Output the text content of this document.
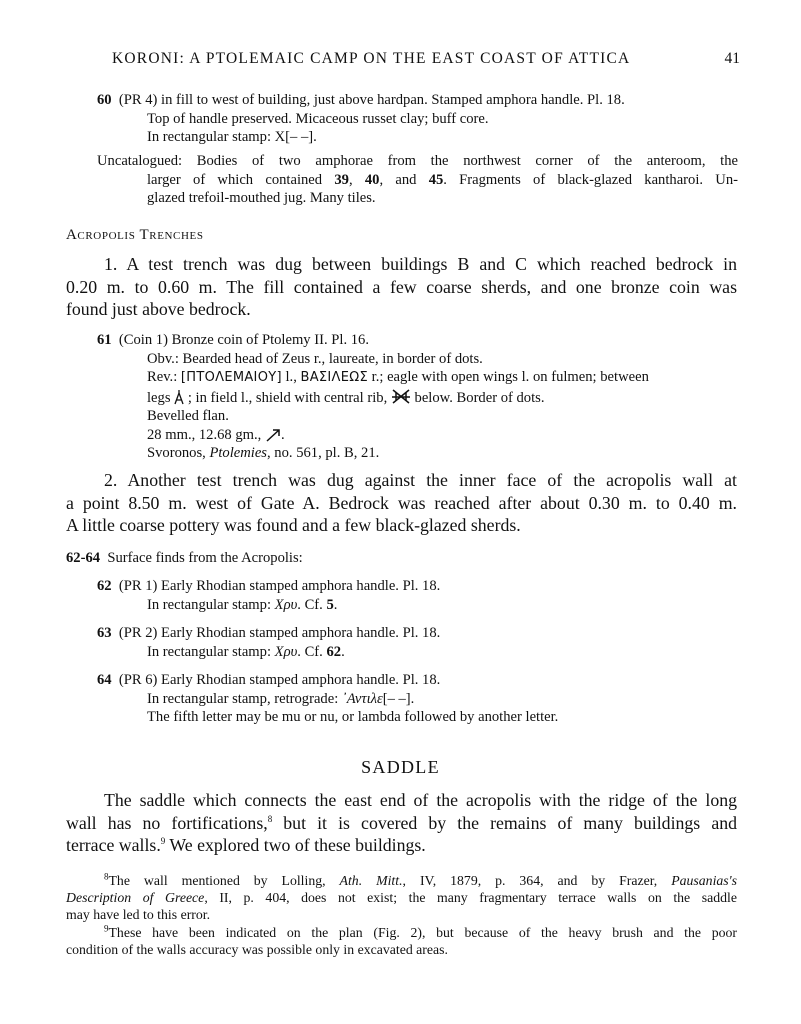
KORONI: A PTOLEMAIC CAMP ON THE EAST COAST OF ATTICA	41
60 (PR 4) in fill to west of building, just above hardpan. Stamped amphora handle. Pl. 18.
Top of handle preserved. Micaceous russet clay; buff core.
In rectangular stamp: X[– –].
Uncatalogued: Bodies of two amphorae from the northwest corner of the anteroom, the
larger of which contained 39, 40, and 45. Fragments of black-glazed kantharoi. Un-
glazed trefoil-mouthed jug. Many tiles.
Acropolis Trenches
1. A test trench was dug between buildings B and C which reached bedrock in
0.20 m. to 0.60 m. The fill contained a few coarse sherds, and one bronze coin was
found just above bedrock.
61 (Coin 1) Bronze coin of Ptolemy II. Pl. 16.
Obv.: Bearded head of Zeus r., laureate, in border of dots.
Rev.: [ΠΤΟΛΕΜΑΙΟΥ] l., ΒΑΣΙΛΕΩΣ r.; eagle with open wings l. on fulmen; between
legs  ; in field l., shield with central rib,  below. Border of dots.
Bevelled flan.
28 mm., 12.68 gm., .
Svoronos, Ptolemies, no. 561, pl. B, 21.
2. Another test trench was dug against the inner face of the acropolis wall at
a point 8.50 m. west of Gate A. Bedrock was reached after about 0.30 m. to 0.40 m.
A little coarse pottery was found and a few black-glazed sherds.
62-64 Surface finds from the Acropolis:
62 (PR 1) Early Rhodian stamped amphora handle. Pl. 18.
In rectangular stamp: Χρυ. Cf. 5.
63 (PR 2) Early Rhodian stamped amphora handle. Pl. 18.
In rectangular stamp: Χρυ. Cf. 62.
64 (PR 6) Early Rhodian stamped amphora handle. Pl. 18.
In rectangular stamp, retrograde: ᾿Αντιλε[– –].
The fifth letter may be mu or nu, or lambda followed by another letter.
SADDLE
The saddle which connects the east end of the acropolis with the ridge of the long
wall has no fortifications,$^8$ but it is covered by the remains of many buildings and
terrace walls.$^9$ We explored two of these buildings.
$^8$The wall mentioned by Lolling, Ath. Mitt., IV, 1879, p. 364, and by Frazer, Pausanias's
Description of Greece, II, p. 404, does not exist; the many fragmentary terrace walls on the saddle
may have led to this error.
$^9$These have been indicated on the plan (Fig. 2), but because of the heavy brush and the poor
condition of the walls accuracy was possible only in excavated areas.
